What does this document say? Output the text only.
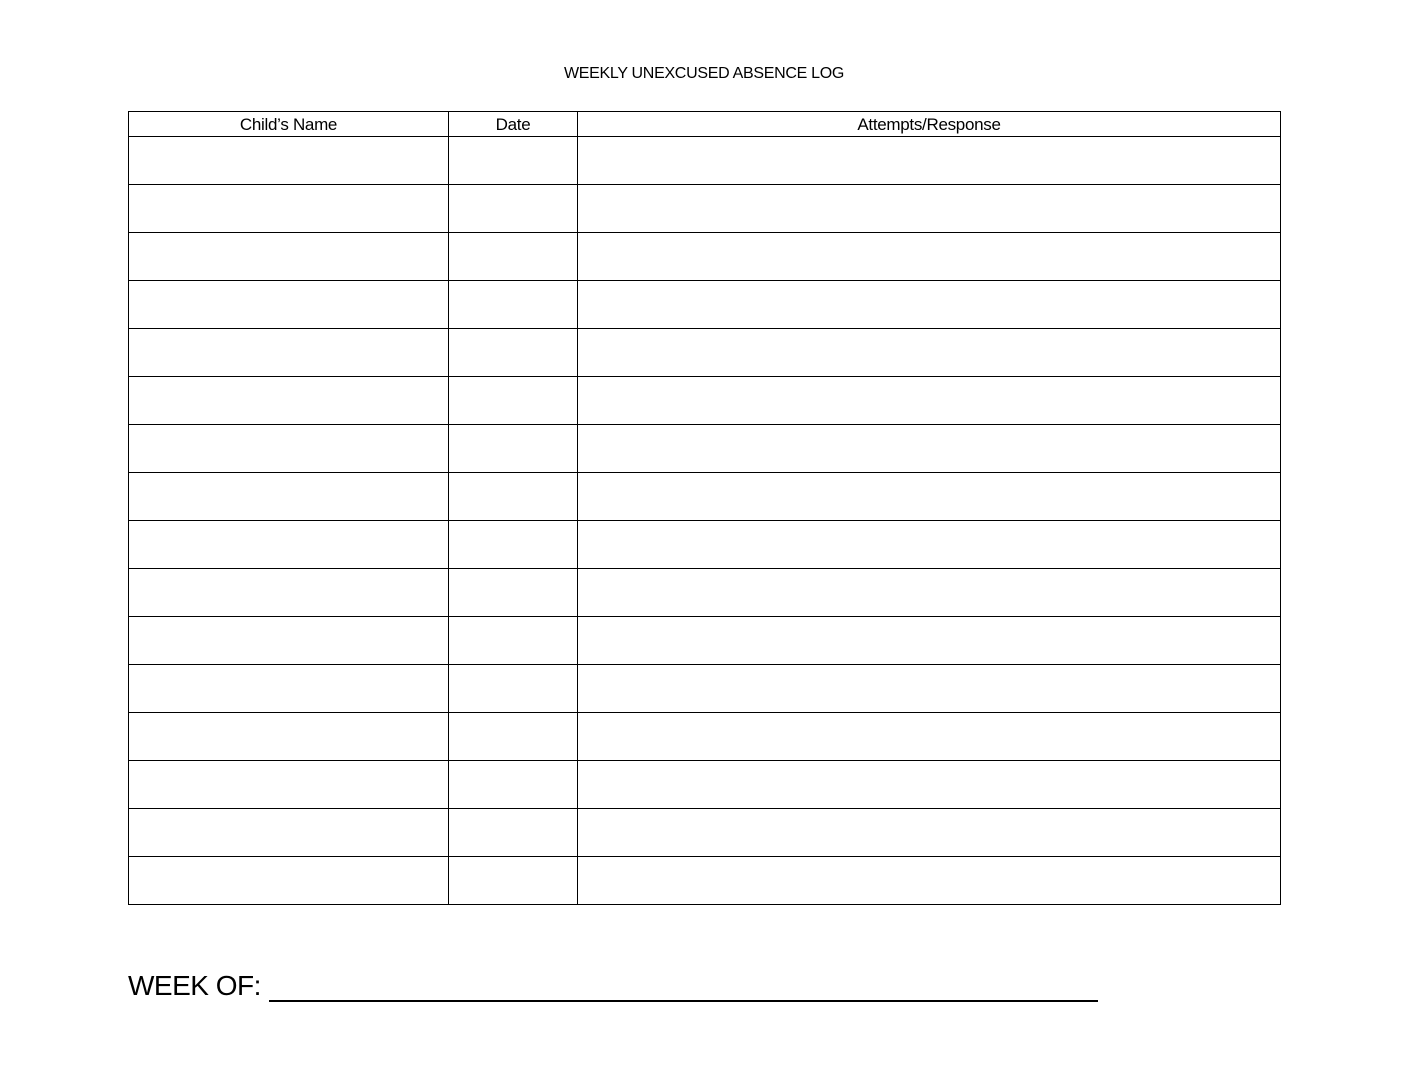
WEEKLY UNEXCUSED ABSENCE LOG
Child’s Name	Date	Attempts/Response

WEEK OF:
